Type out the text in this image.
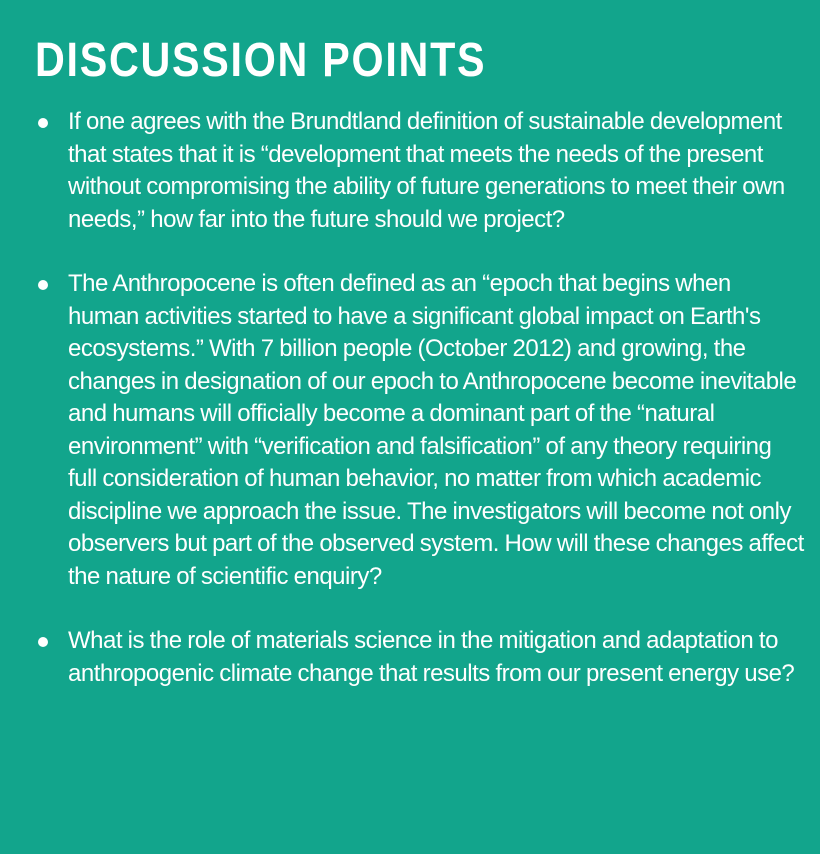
DISCUSSION POINTS
If one agrees with the Brundtland definition of sustainable development that states that it is “development that meets the needs of the present without compromising the ability of future generations to meet their own needs,” how far into the future should we project?
The Anthropocene is often defined as an “epoch that begins when human activities started to have a significant global impact on Earth's ecosystems.” With 7 billion people (October 2012) and growing, the changes in designation of our epoch to Anthropocene become inevitable and humans will officially become a dominant part of the “natural environment” with “verification and falsification” of any theory requiring full consideration of human behavior, no matter from which academic discipline we approach the issue. The investigators will become not only observers but part of the observed system. How will these changes affect the nature of scientific enquiry?
What is the role of materials science in the mitigation and adaptation to anthropogenic climate change that results from our present energy use?
